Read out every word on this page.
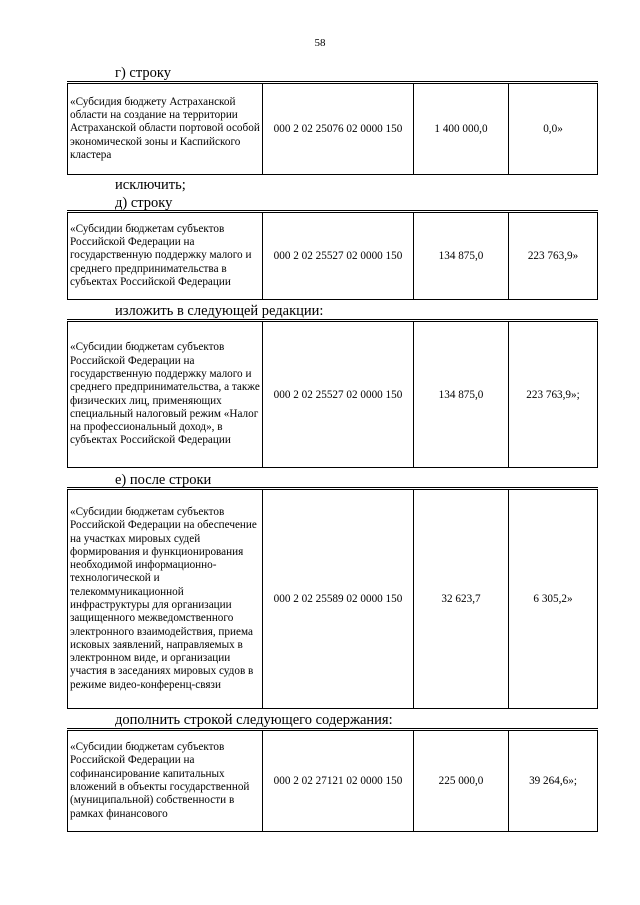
58
г) строку
«Субсидия бюджету Астраханской области на создание на территории Астраханской области портовой особой экономической зоны и Каспийского кластера	000 2 02 25076 02 0000 150	1 400 000,0	0,0»
исключить;
д) строку
«Субсидии бюджетам субъектов Российской Федерации на государственную поддержку малого и среднего предпринимательства в субъектах Российской Федерации	000 2 02 25527 02 0000 150	134 875,0	223 763,9»
изложить в следующей редакции:
«Субсидии бюджетам субъектов Российской Федерации на государственную поддержку малого и среднего предпринимательства, а также физических лиц, применяющих специальный налоговый режим «Налог на профессиональный доход», в субъектах Российской Федерации	000 2 02 25527 02 0000 150	134 875,0	223 763,9»;
е) после строки
«Субсидии бюджетам субъектов Российской Федерации на обеспечение на участках мировых судей формирования и функционирования необходимой информационно-технологической и телекоммуникационной инфраструктуры для организации защищенного межведомственного электронного взаимодействия, приема исковых заявлений, направляемых в электронном виде, и организации участия в заседаниях мировых судов в режиме видео-конференц-связи	000 2 02 25589 02 0000 150	32 623,7	6 305,2»
дополнить строкой следующего содержания:
«Субсидии бюджетам субъектов Российской Федерации на софинансирование капитальных вложений в объекты государственной (муниципальной) собственности в рамках финансового	000 2 02 27121 02 0000 150	225 000,0	39 264,6»;
